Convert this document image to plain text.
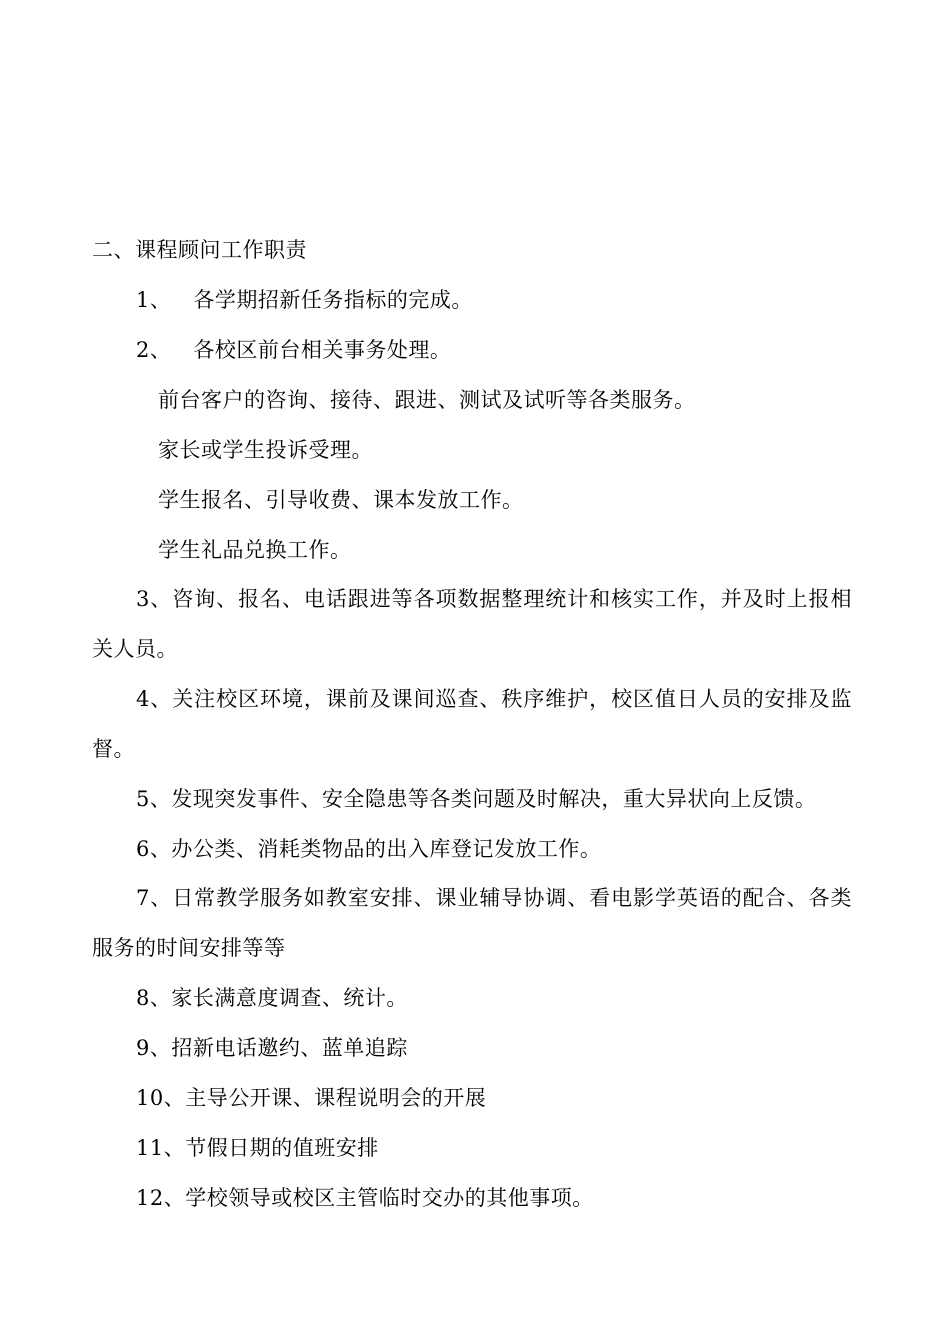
二、课程顾问工作职责
1、 各学期招新任务指标的完成。
2、 各校区前台相关事务处理。
前台客户的咨询、接待、跟进、测试及试听等各类服务。
家长或学生投诉受理。
学生报名、引导收费、课本发放工作。
学生礼品兑换工作。
3、咨询、报名、电话跟进等各项数据整理统计和核实工作，并及时上报相关人员。
4、关注校区环境，课前及课间巡查、秩序维护，校区值日人员的安排及监督。
5、发现突发事件、安全隐患等各类问题及时解决，重大异状向上反馈。
6、办公类、消耗类物品的出入库登记发放工作。
7、日常教学服务如教室安排、课业辅导协调、看电影学英语的配合、各类服务的时间安排等等
8、家长满意度调查、统计。
9、招新电话邀约、蓝单追踪
10、主导公开课、课程说明会的开展
11、节假日期的值班安排
12、学校领导或校区主管临时交办的其他事项。
